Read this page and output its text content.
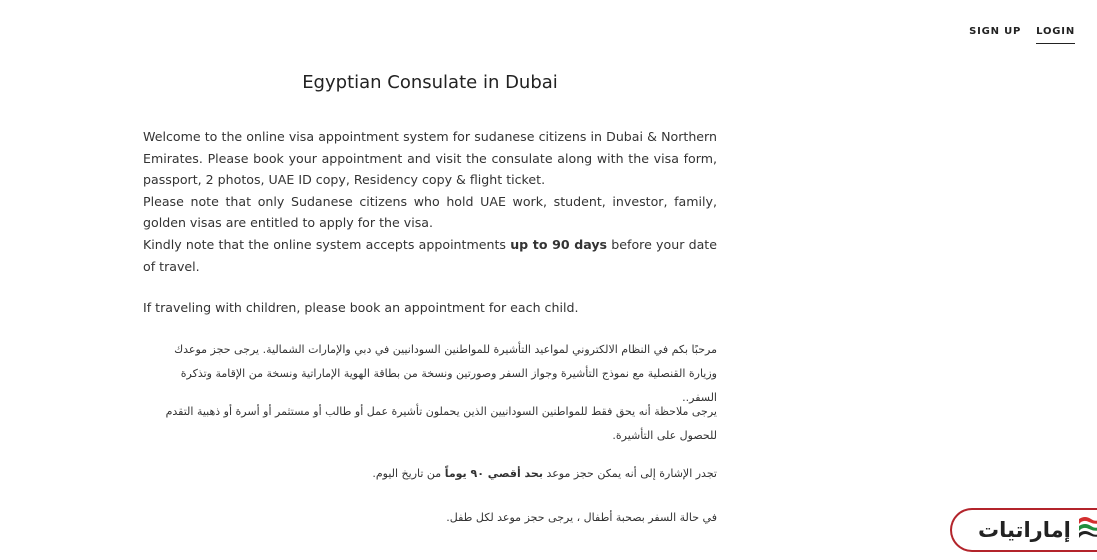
SIGN UP LOGIN
Egyptian Consulate in Dubai

Welcome to the online visa appointment system for sudanese citizens in Dubai & Northern Emirates. Please book your appointment and visit the consulate along with the visa form, passport, 2 photos, UAE ID copy, Residency copy & flight ticket.

Please note that only Sudanese citizens who hold UAE work, student, investor, family, golden visas are entitled to apply for the visa.

Kindly note that the online system accepts appointments up to 90 days before your date of travel.

If traveling with children, please book an appointment for each child.

مرحبًا بكم في النظام الالكتروني لمواعيد التأشيرة للمواطنين السودانيين في دبي والإمارات الشمالية. يرجى حجز موعدك وزيارة القنصلية مع نموذج التأشيرة وجواز السفر وصورتين ونسخة من بطاقة الهوية الإماراتية ونسخة من الإقامة وتذكرة السفر..
يرجى ملاحظة أنه يحق فقط للمواطنين السودانيين الذين يحملون تأشيرة عمل أو طالب أو مستثمر أو أسرة أو ذهبية التقدم للحصول على التأشيرة.
تجدر الإشارة إلى أنه يمكن حجز موعد بحد أقصي ٩٠ يوماً من تاريخ اليوم.
في حالة السفر بصحبة أطفال ، يرجى حجز موعد لكل طفل.
إماراتيات
